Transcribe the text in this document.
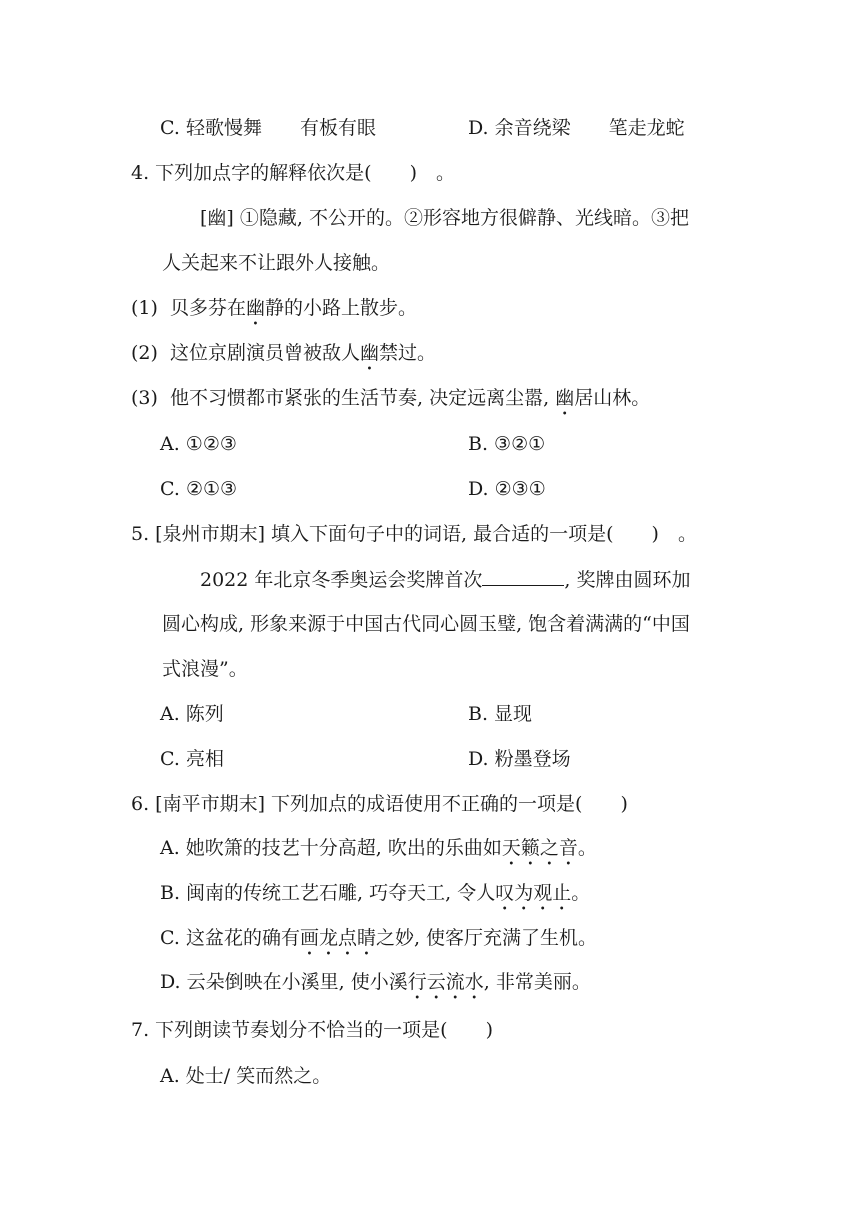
C. 轻歌慢舞　　有板有眼	D. 余音绕梁　　笔走龙蛇
4. 下列加点字的解释依次是(　　)　。
[幽] ①隐藏, 不公开的。②形容地方很僻静、光线暗。③把
人关起来不让跟外人接触。
(1) 贝多芬在幽静的小路上散步。
(2) 这位京剧演员曾被敌人幽禁过。
(3) 他不习惯都市紧张的生活节奏, 决定远离尘嚣, 幽居山林。
A. ①②③	B. ③②①
C. ②①③	D. ②③①
5. [泉州市期末] 填入下面句子中的词语, 最合适的一项是(　　)　。
2022 年北京冬季奥运会奖牌首次	, 奖牌由圆环加
圆心构成, 形象来源于中国古代同心圆玉璧, 饱含着满满的“中国
式浪漫”。
A. 陈列	B. 显现
C. 亮相	D. 粉墨登场
6. [南平市期末] 下列加点的成语使用不正确的一项是(　　)
A. 她吹箫的技艺十分高超, 吹出的乐曲如天籁之音。
B. 闽南的传统工艺石雕, 巧夺天工, 令人叹为观止。
C. 这盆花的确有画龙点睛之妙, 使客厅充满了生机。
D. 云朵倒映在小溪里, 使小溪行云流水, 非常美丽。
7. 下列朗读节奏划分不恰当的一项是(　　)
A. 处士/ 笑而然之。
